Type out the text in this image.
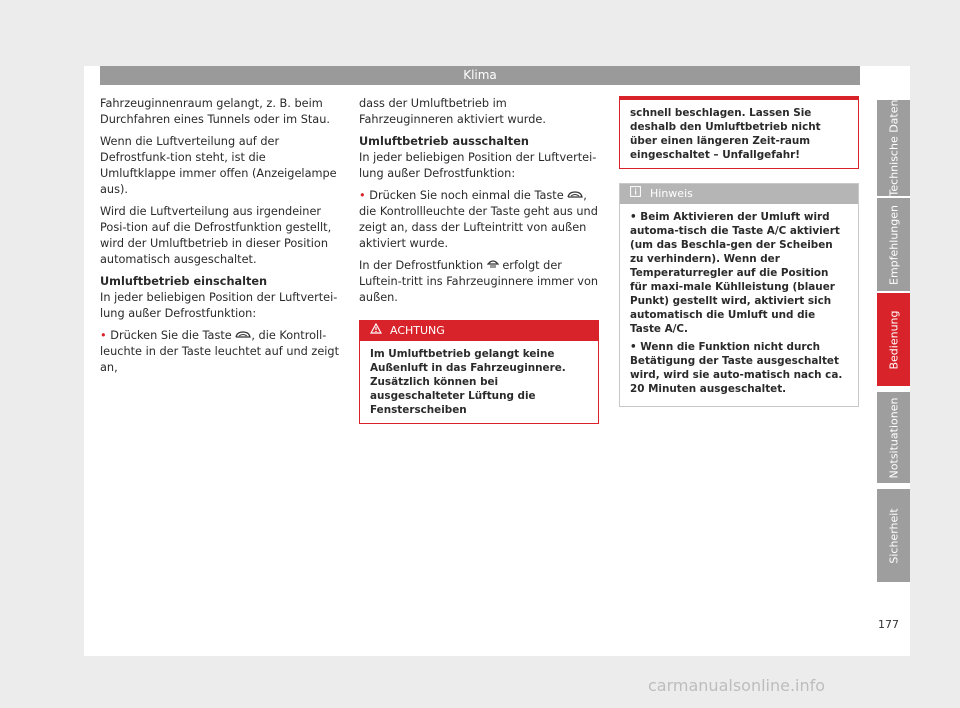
Klima

Fahrzeuginnenraum gelangt, z. B. beim Durchfahren eines Tunnels oder im Stau.

Wenn die Luftverteilung auf der Defrostfunk-tion steht, ist die Umluftklappe immer offen (Anzeigelampe aus).

Wird die Luftverteilung aus irgendeiner Posi-tion auf die Defrostfunktion gestellt, wird der Umluftbetrieb in dieser Position automatisch ausgeschaltet.

Umluftbetrieb einschalten

In jeder beliebigen Position der Luftvertei-lung außer Defrostfunktion:

• Drücken Sie die Taste , die Kontroll-leuchte in der Taste leuchtet auf und zeigt an,

dass der Umluftbetrieb im Fahrzeuginneren aktiviert wurde.

Umluftbetrieb ausschalten

In jeder beliebigen Position der Luftvertei-lung außer Defrostfunktion:

• Drücken Sie noch einmal die Taste , die Kontrollleuchte der Taste geht aus und zeigt an, dass der Lufteintritt von außen aktiviert wurde.

In der Defrostfunktion erfolgt der Luftein-tritt ins Fahrzeuginnere immer von außen.

ACHTUNG
Im Umluftbetrieb gelangt keine Außenluft in das Fahrzeuginnere. Zusätzlich können bei ausgeschalteter Lüftung die Fensterscheiben
schnell beschlagen. Lassen Sie deshalb den Umluftbetrieb nicht über einen längeren Zeit-raum eingeschaltet – Unfallgefahr!
Hinweis

• Beim Aktivieren der Umluft wird automa-tisch die Taste A/C aktiviert (um das Beschla-gen der Scheiben zu verhindern). Wenn der Temperaturregler auf die Position für maxi-male Kühlleistung (blauer Punkt) gestellt wird, aktiviert sich automatisch die Umluft und die Taste A/C.

• Wenn die Funktion nicht durch Betätigung der Taste ausgeschaltet wird, wird sie auto-matisch nach ca. 20 Minuten ausgeschaltet.

Technische Daten
Empfehlungen
Bedienung
Notsituationen
Sicherheit
177
carmanualsonline.info
